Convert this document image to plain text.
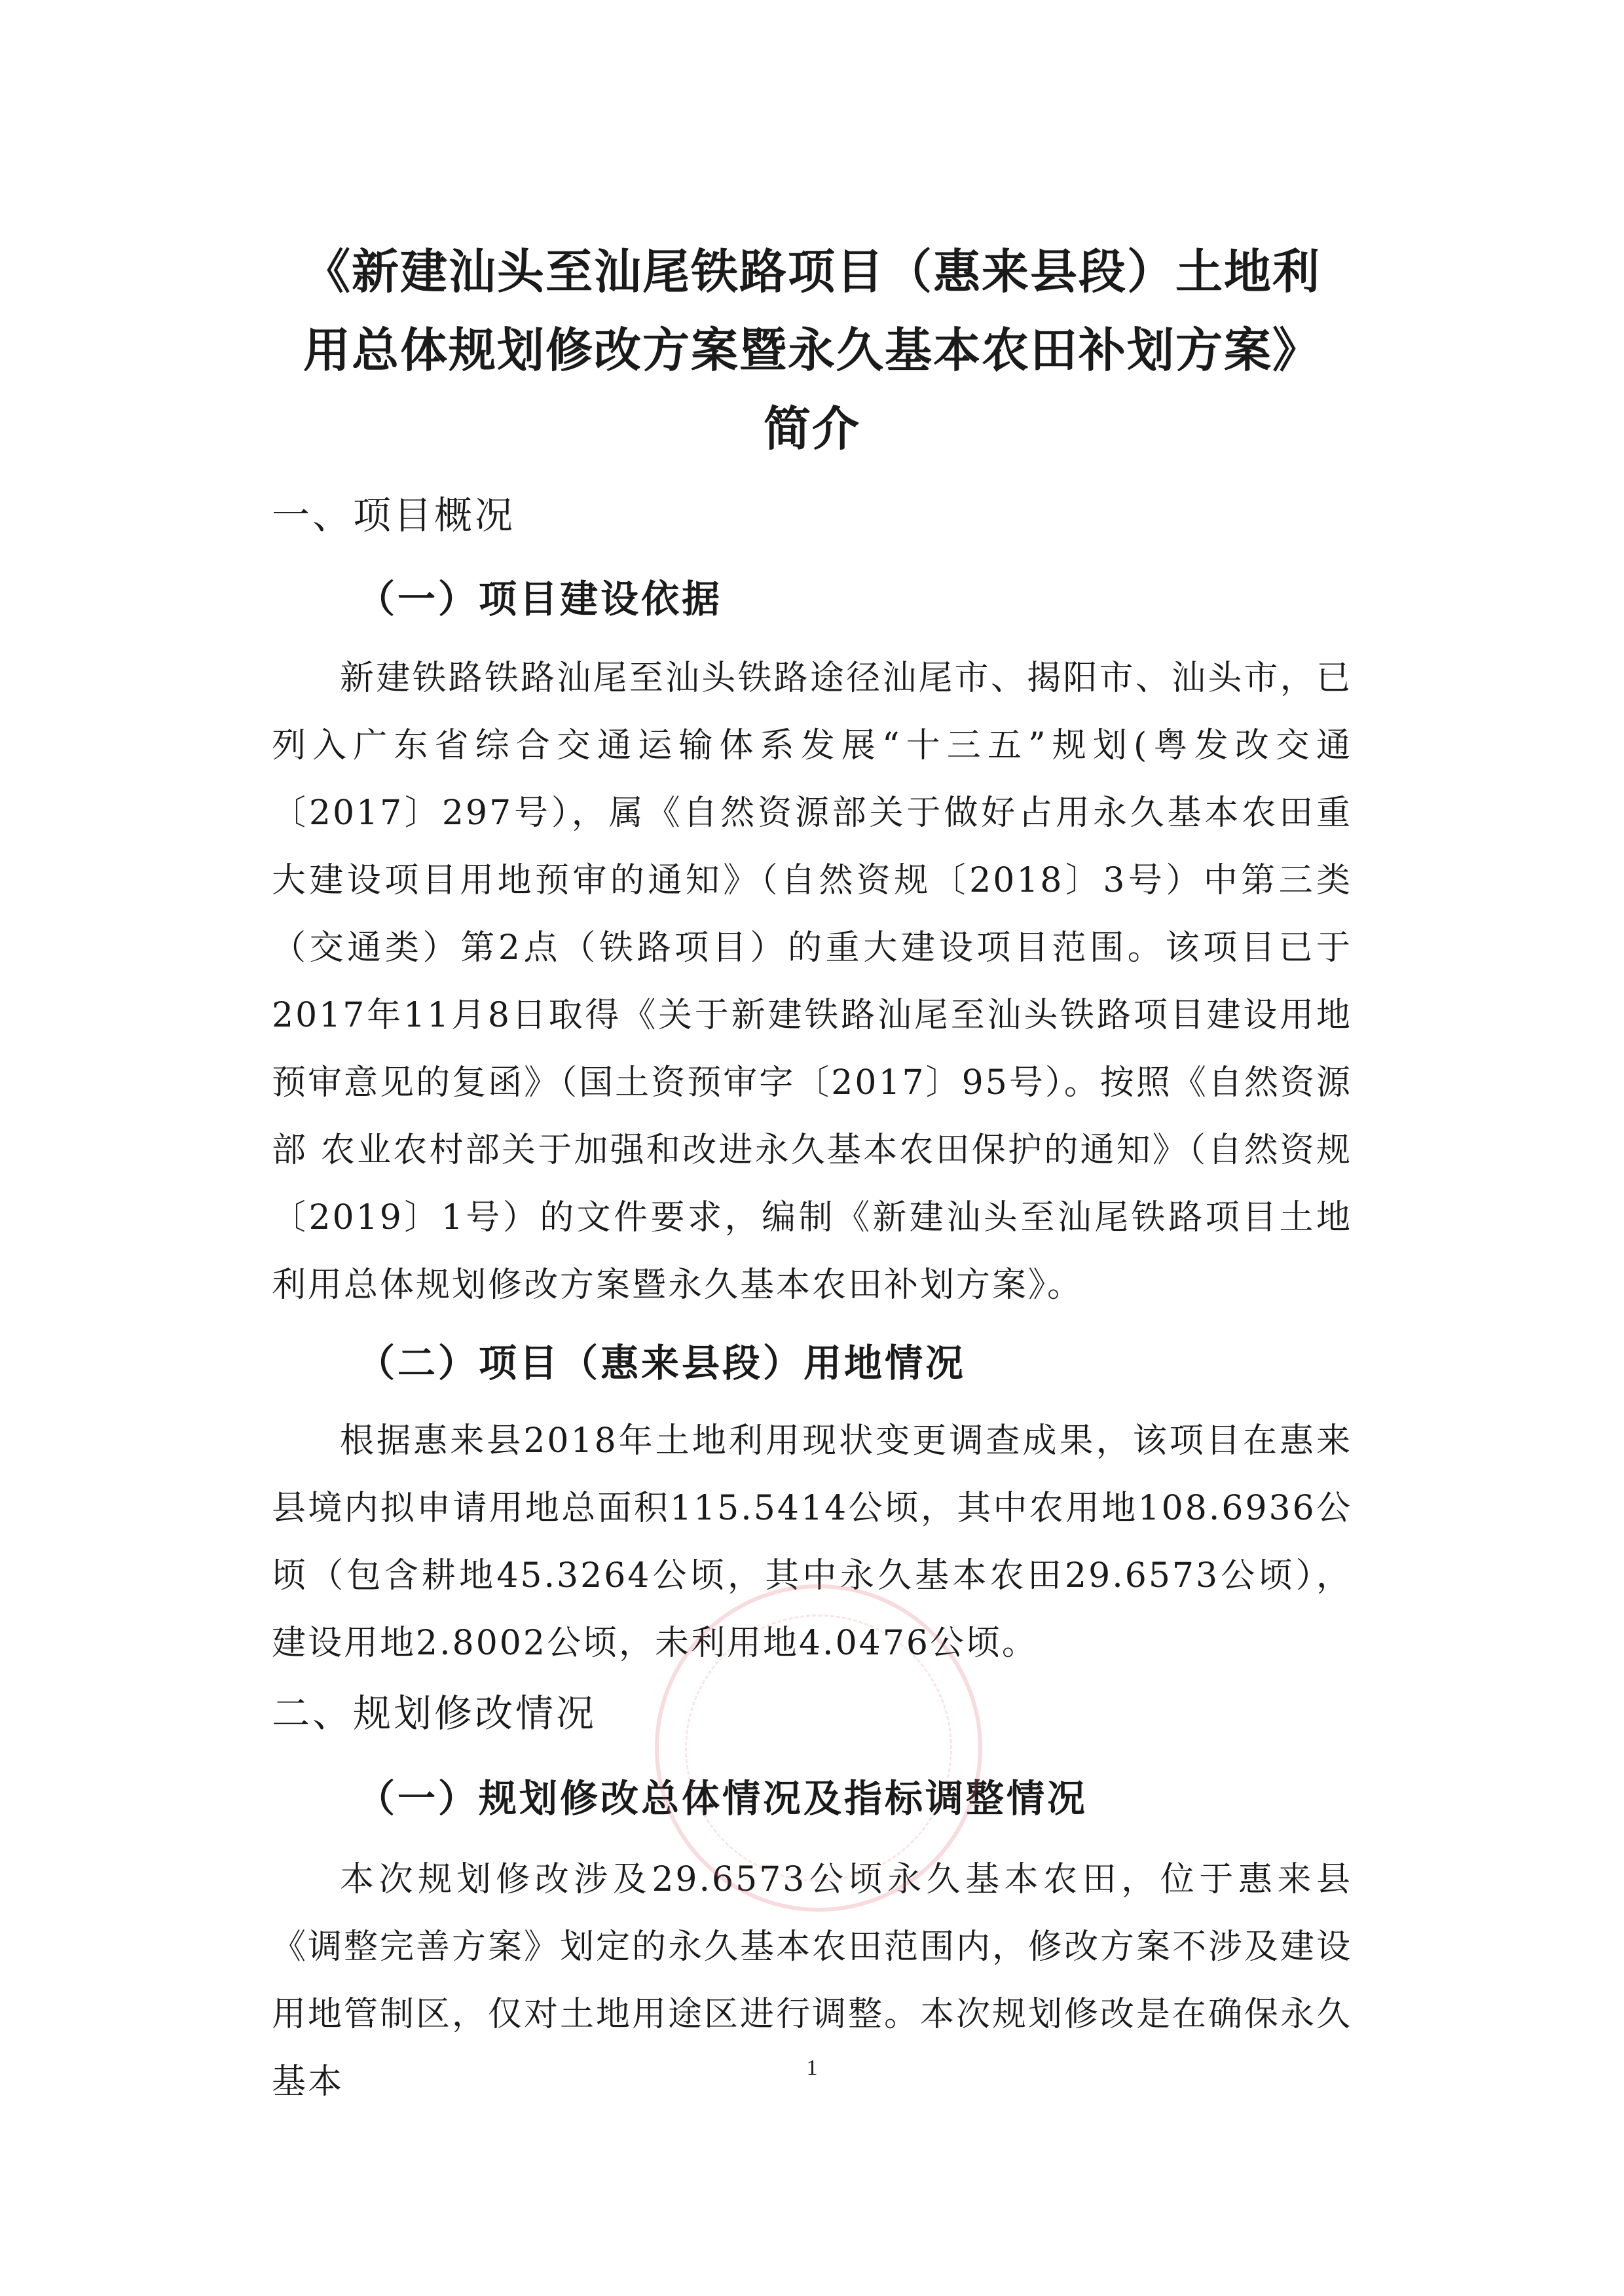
《新建汕头至汕尾铁路项目（惠来县段）土地利
用总体规划修改方案暨永久基本农田补划方案》
简介
一、项目概况
（一）项目建设依据
新建铁路铁路汕尾至汕头铁路途径汕尾市、揭阳市、汕头市，已列入广东省综合交通运输体系发展“十三五”规划(粤发改交通〔2017〕297号），属《自然资源部关于做好占用永久基本农田重大建设项目用地预审的通知》（自然资规〔2018〕3号）中第三类（交通类）第2点（铁路项目）的重大建设项目范围。该项目已于2017年11月8日取得《关于新建铁路汕尾至汕头铁路项目建设用地预审意见的复函》（国土资预审字〔2017〕95号）。按照《自然资源部 农业农村部关于加强和改进永久基本农田保护的通知》（自然资规〔2019〕1号）的文件要求，编制《新建汕头至汕尾铁路项目土地利用总体规划修改方案暨永久基本农田补划方案》。
（二）项目（惠来县段）用地情况
根据惠来县2018年土地利用现状变更调查成果，该项目在惠来县境内拟申请用地总面积115.5414公顷，其中农用地108.6936公顷（包含耕地45.3264公顷，其中永久基本农田29.6573公顷），建设用地2.8002公顷，未利用地4.0476公顷。
二、规划修改情况
（一）规划修改总体情况及指标调整情况
本次规划修改涉及29.6573公顷永久基本农田，位于惠来县《调整完善方案》划定的永久基本农田范围内，修改方案不涉及建设用地管制区，仅对土地用途区进行调整。本次规划修改是在确保永久基本	1
